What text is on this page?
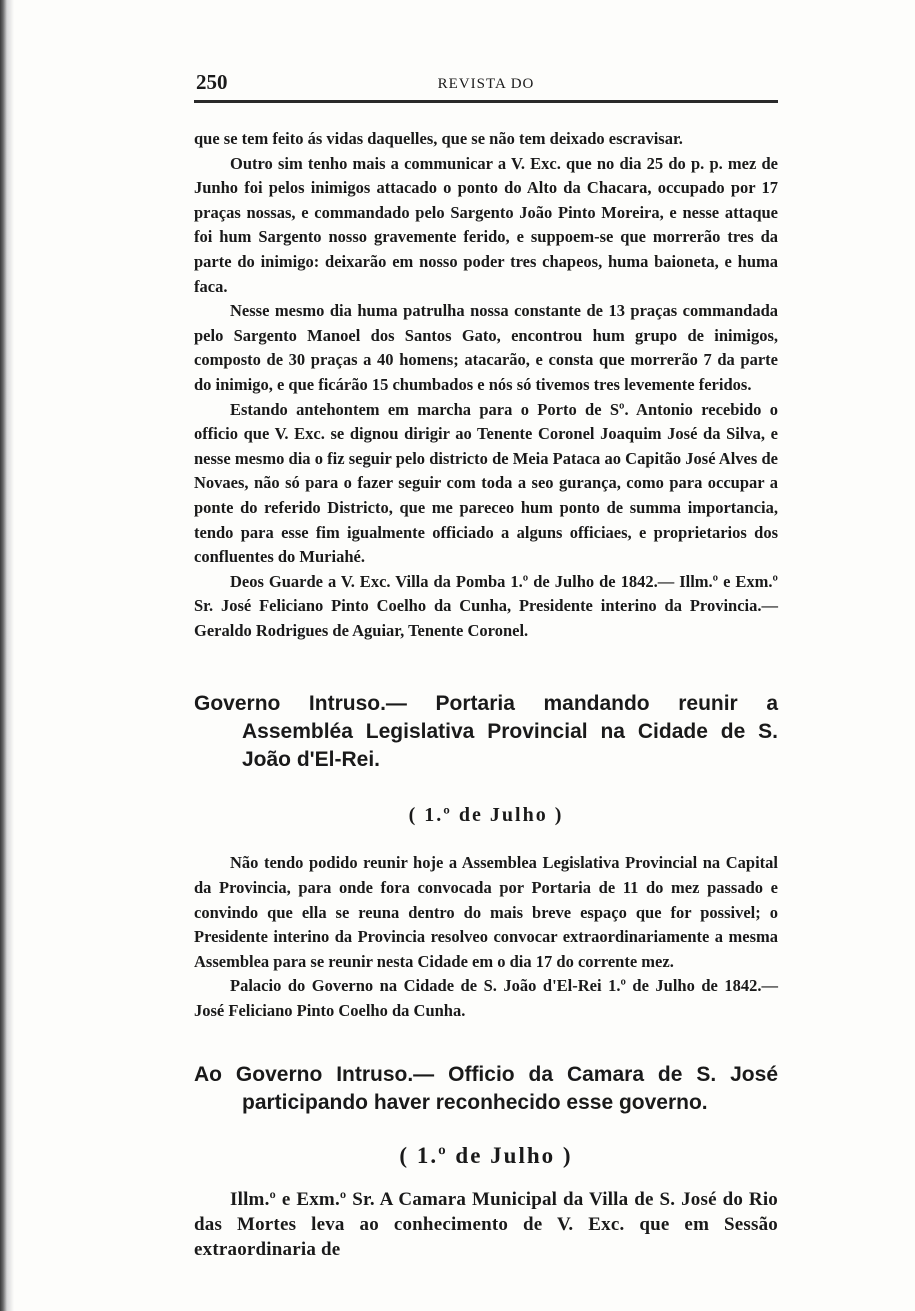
250	REVISTA DO

que se tem feito ás vidas daquelles, que se não tem deixado escravisar.

Outro sim tenho mais a communicar a V. Exc. que no dia 25 do p. p. mez de Junho foi pelos inimigos attacado o ponto do Alto da Chacara, occupado por 17 praças nossas, e commandado pelo Sargento João Pinto Moreira, e nesse attaque foi hum Sargento nosso gravemente ferido, e suppoem-se que morrerão tres da parte do inimigo: deixarão em nosso poder tres chapeos, huma baioneta, e huma faca.

Nesse mesmo dia huma patrulha nossa constante de 13 praças commandada pelo Sargento Manoel dos Santos Gato, encontrou hum grupo de inimigos, composto de 30 praças a 40 homens; atacarão, e consta que morrerão 7 da parte do inimigo, e que ficárão 15 chumbados e nós só tivemos tres levemente feridos.

Estando antehontem em marcha para o Porto de Sº. Antonio recebido o officio que V. Exc. se dignou dirigir ao Tenente Coronel Joaquim José da Silva, e nesse mesmo dia o fiz seguir pelo districto de Meia Pataca ao Capitão José Alves de Novaes, não só para o fazer seguir com toda a seo gurança, como para occupar a ponte do referido Districto, que me pareceo hum ponto de summa importancia, tendo para esse fim igualmente officiado a alguns officiaes, e proprietarios dos confluentes do Muriahé.

Deos Guarde a V. Exc. Villa da Pomba 1.º de Julho de 1842.— Illm.º e Exm.º Sr. José Feliciano Pinto Coelho da Cunha, Presidente interino da Provincia.— Geraldo Rodrigues de Aguiar, Tenente Coronel.

Governo Intruso.— Portaria mandando reunir a Assembléa Legislativa Provincial na Cidade de S. João d'El-Rei.
( 1.º de Julho )

Não tendo podido reunir hoje a Assemblea Legislativa Provincial na Capital da Provincia, para onde fora convocada por Portaria de 11 do mez passado e convindo que ella se reuna dentro do mais breve espaço que for possivel; o Presidente interino da Provincia resolveo convocar extraordinariamente a mesma Assemblea para se reunir nesta Cidade em o dia 17 do corrente mez.

Palacio do Governo na Cidade de S. João d'El-Rei 1.º de Julho de 1842.— José Feliciano Pinto Coelho da Cunha.

Ao Governo Intruso.— Officio da Camara de S. José participando haver reconhecido esse governo.
( 1.º de Julho )

Illm.º e Exm.º Sr. A Camara Municipal da Villa de S. José do Rio das Mortes leva ao conhecimento de V. Exc. que em Sessão extraordinaria de
